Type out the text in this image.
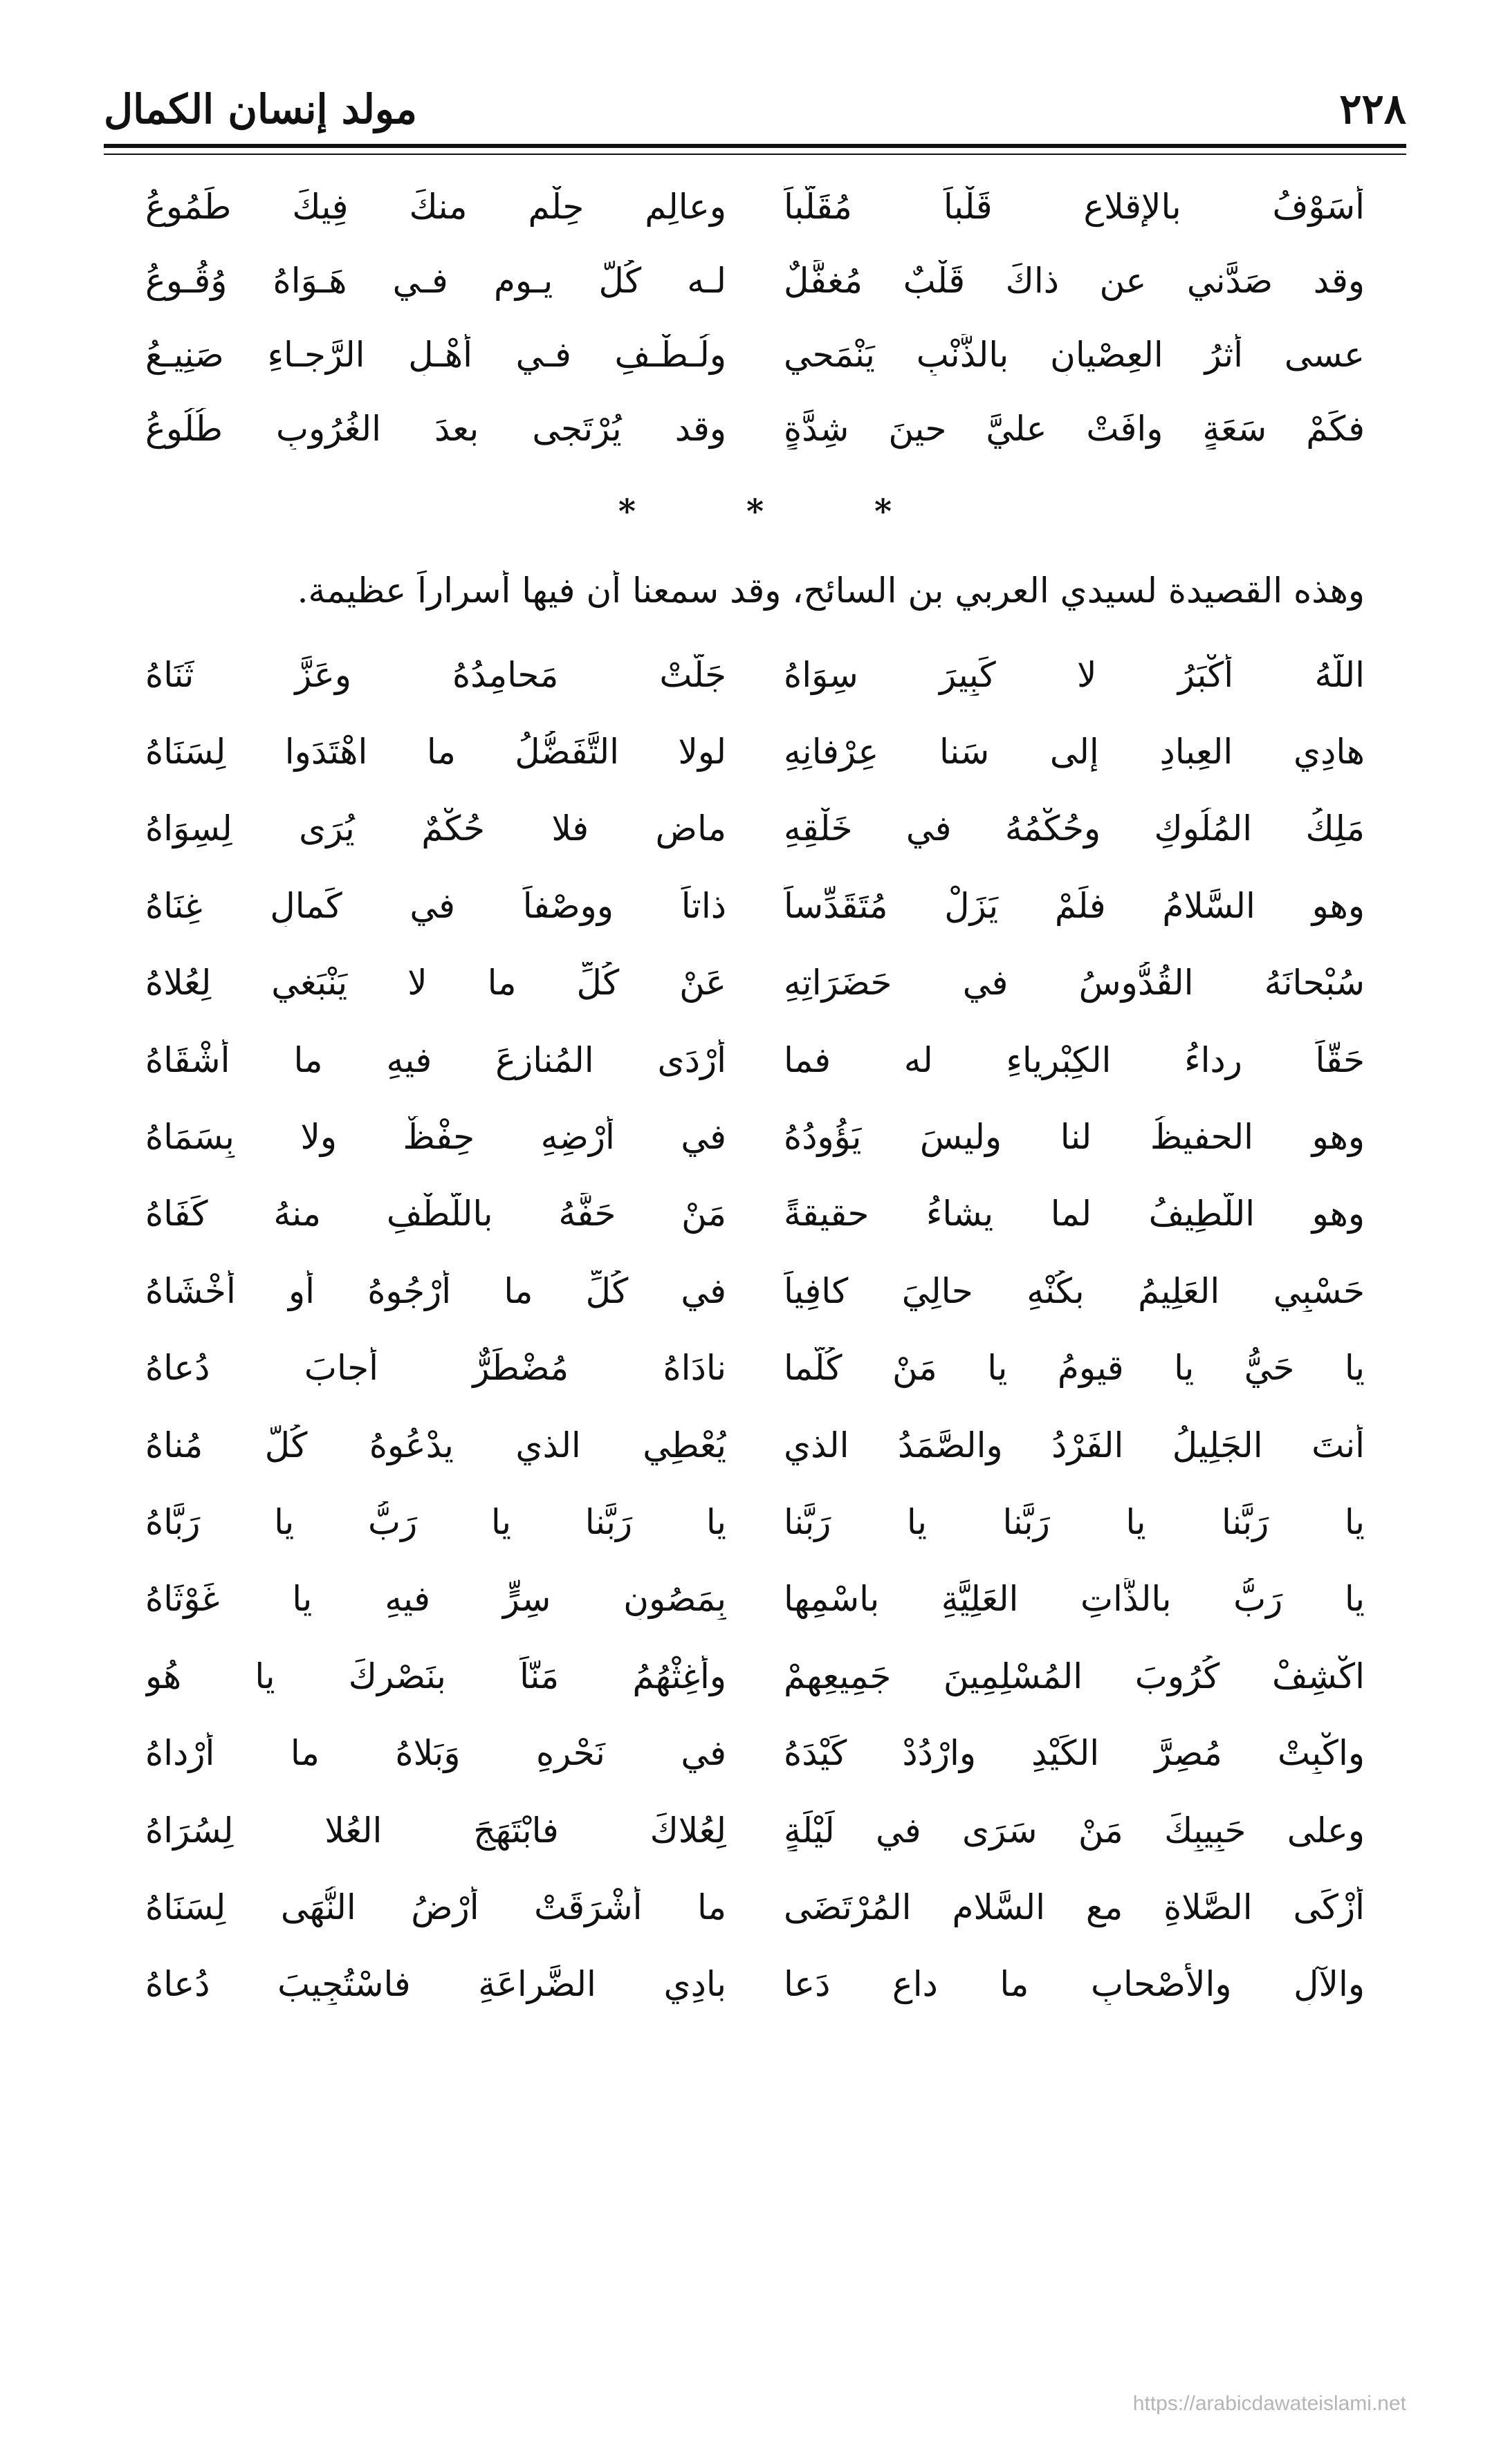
٢٢٨
مولد إنسان الكمال
أَسَوْفُ بالإقلاعِ قَلْباً مُقَلَّباً
وعالِم حِلْمٍ منكَ فِيكَ طَمُوعُ
وقد صَدَّني عن ذاكَ قَلْبٌ مُغفَّلٌ
لـه كُلَّ يـومٍ فـي هَـوَاهُ وُقُـوعُ
عسى أثرُ العِصْيانِ بالذَّنْبِ يَنْمَحي
ولُـطْـفِ فـي أهْـلِ الرَّجـاءِ صَنِيـعُ
فكَمْ سَعَةٍ وافَتْ عليَّ حينَ شِدَّةٍ
وقد يُرْتَجى بعدَ الغُرُوبِ طُلُوعُ
*	*	*
وهذه القصيدة لسيدي العربي بن السائح، وقد سمعنا أن فيها أسراراً عظيمة.
اللّهُ أكْبَرُ لا كَبِيرَ سِوَاهُ
جَلَّتْ مَحامِدُهُ وعَزَّ ثَنَاهُ
هادِي العِبادِ إلى سَنا عِرْفانِهِ
لولا التَّفَضُّلُ ما اهْتَدَوا لِسَنَاهُ
مَلِكُ المُلُوكِ وحُكْمُهُ في خَلْقِهِ
ماضٍ فلا حُكْمٌ يُرَى لِسِوَاهُ
وهو السَّلامُ فلَمْ يَزَلْ مُتَقَدِّساً
ذاتاً ووصْفاً في كَمالِ غِنَاهُ
سُبْحانَهُ القُدُّوسُ في حَضَرَاتِهِ
عَنْ كُلِّ ما لا يَنْبَغي لِعُلاهُ
حَقّاً رِداءُ الكِبْرِياءِ له فما
أرْدَى المُنازِعَ فيهِ ما أشْقَاهُ
وهو الحفيظُ لنا وليسَ يَؤُودُهُ
في أرْضِهِ حِفْظٌ ولا بِسَمَاهُ
وهو اللَّطِيفُ لما يشاءُ حقيقةً
مَنْ حَفَّهُ باللُّطْفِ منهُ كَفَاهُ
حَسْبِي العَلِيمُ بكُنْهِ حالِيَ كافِياً
في كُلِّ ما أرْجُوهُ أو أخْشَاهُ
يا حَيُّ يا قيومُ يا مَنْ كُلَّما
نادَاهُ مُضْطَرٌّ أجابَ دُعاهُ
أنتَ الجَلِيلُ الفَرْدُ والصَّمَدُ الذي
يُعْطِي الذي يدْعُوهُ كُلَّ مُناهُ
يا رَبَّنا يا رَبَّنا يا رَبَّنا
يا رَبَّنا يا رَبُّ يا رَبَّاهُ
يا رَبُّ بالذَّاتِ العَلِيَّةِ باسْمِها
بِمَصُونِ سِرٍّ فيهِ يا غَوْثَاهُ
اكْشِفْ كُرُوبَ المُسْلِمِينَ جَمِيعِهِمْ
وأغِثْهُمُ مَنّاً بنَصْرِكَ يا هُو
واكْبِتْ مُصِرَّ الكَيْدِ وارْدُدْ كَيْدَهُ
في نَحْرِهِ وَبَلاهُ ما أرْداهُ
وعلى حَبِيبِكَ مَنْ سَرَى في لَيْلَةٍ
لِعُلاكَ فابْتَهَجَ العُلا لِسُرَاهُ
أزْكَى الصَّلاةِ مع السَّلامِ المُرْتَضَى
ما أشْرَقَتْ أرْضُ النُّهَى لِسَنَاهُ
والآلِ والأصْحابِ ما داعٍ دَعا
بادِي الضَّراعَةِ فاسْتُجِيبَ دُعاهُ
https://arabicdawateislami.net
